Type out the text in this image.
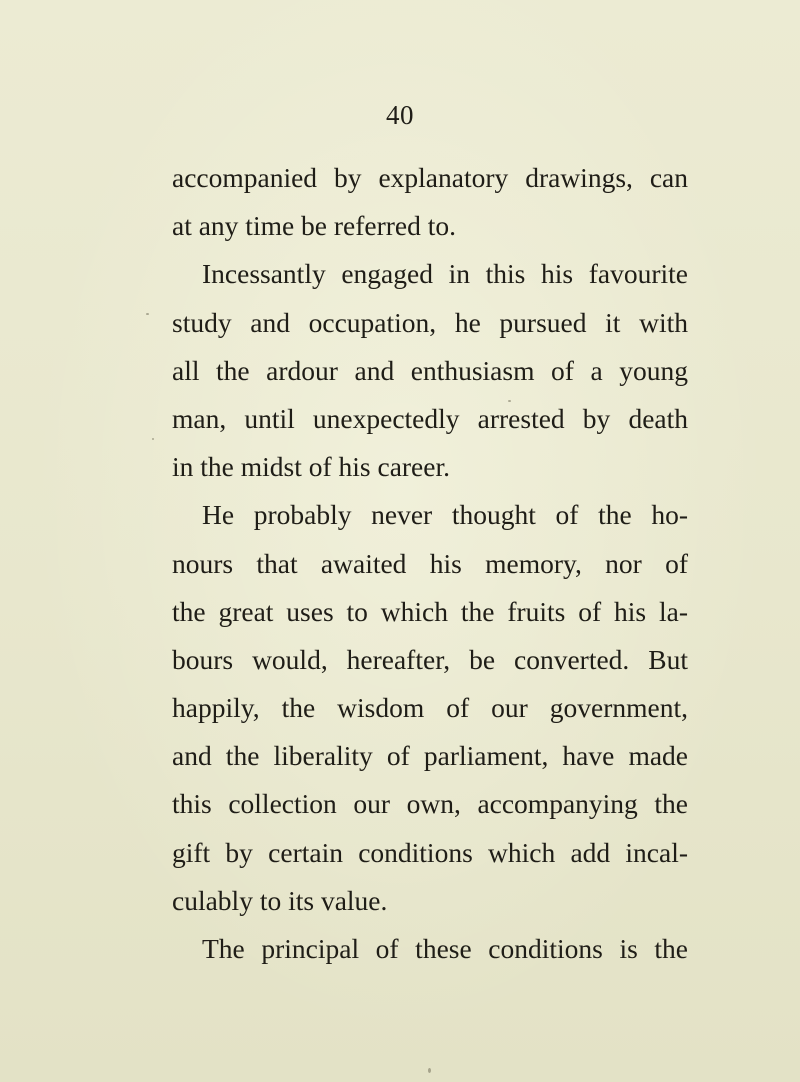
40
accompanied by explanatory drawings, can
at any time be referred to.
Incessantly engaged in this his favourite
study and occupation, he pursued it with
all the ardour and enthusiasm of a young
man, until unexpectedly arrested by death
in the midst of his career.
He probably never thought of the ho-
nours that awaited his memory, nor of
the great uses to which the fruits of his la-
bours would, hereafter, be converted. But
happily, the wisdom of our government,
and the liberality of parliament, have made
this collection our own, accompanying the
gift by certain conditions which add incal-
culably to its value.
The principal of these conditions is the
